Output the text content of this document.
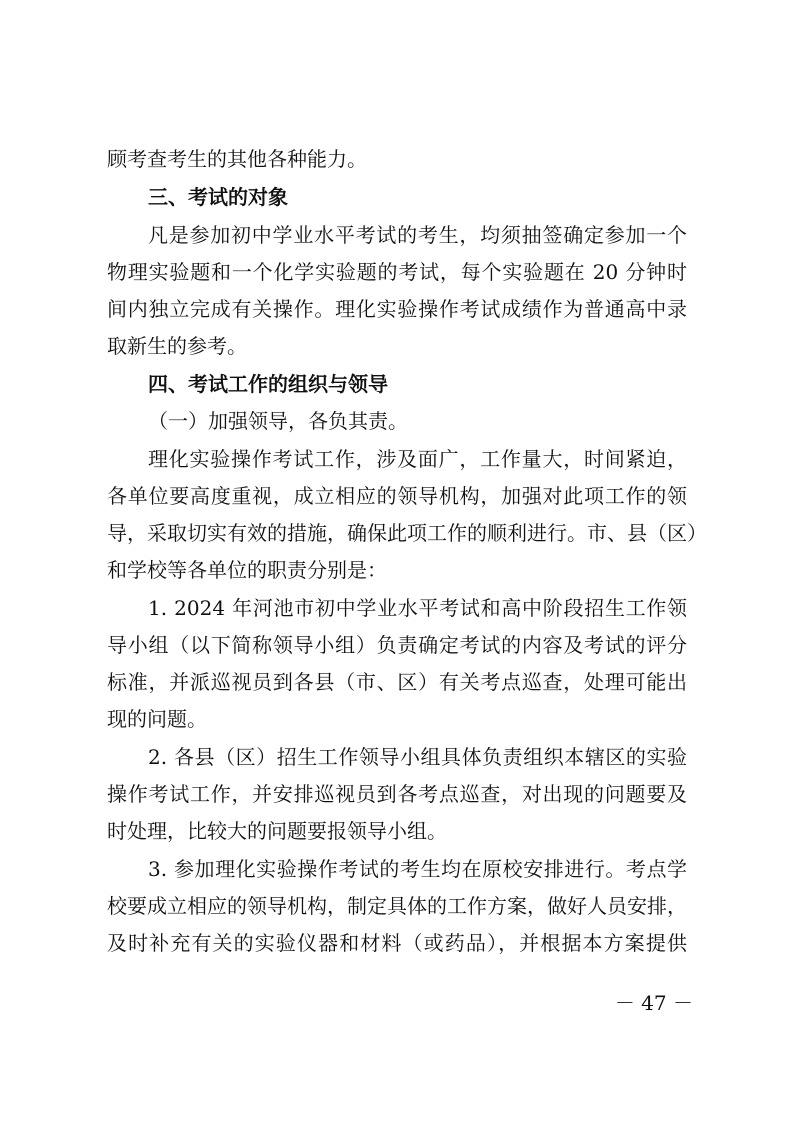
顾考查考生的其他各种能力。
三、考试的对象
凡是参加初中学业水平考试的考生，均须抽签确定参加一个
物理实验题和一个化学实验题的考试，每个实验题在 20 分钟时
间内独立完成有关操作。理化实验操作考试成绩作为普通高中录
取新生的参考。
四、考试工作的组织与领导
（一）加强领导，各负其责。
理化实验操作考试工作，涉及面广，工作量大，时间紧迫，
各单位要高度重视，成立相应的领导机构，加强对此项工作的领
导，采取切实有效的措施，确保此项工作的顺利进行。市、县（区）
和学校等各单位的职责分别是：
1. 2024 年河池市初中学业水平考试和高中阶段招生工作领
导小组（以下简称领导小组）负责确定考试的内容及考试的评分
标准，并派巡视员到各县（市、区）有关考点巡查，处理可能出
现的问题。
2. 各县（区）招生工作领导小组具体负责组织本辖区的实验
操作考试工作，并安排巡视员到各考点巡查，对出现的问题要及
时处理，比较大的问题要报领导小组。
3. 参加理化实验操作考试的考生均在原校安排进行。考点学
校要成立相应的领导机构，制定具体的工作方案，做好人员安排，
及时补充有关的实验仪器和材料（或药品），并根据本方案提供
－ 47 －
